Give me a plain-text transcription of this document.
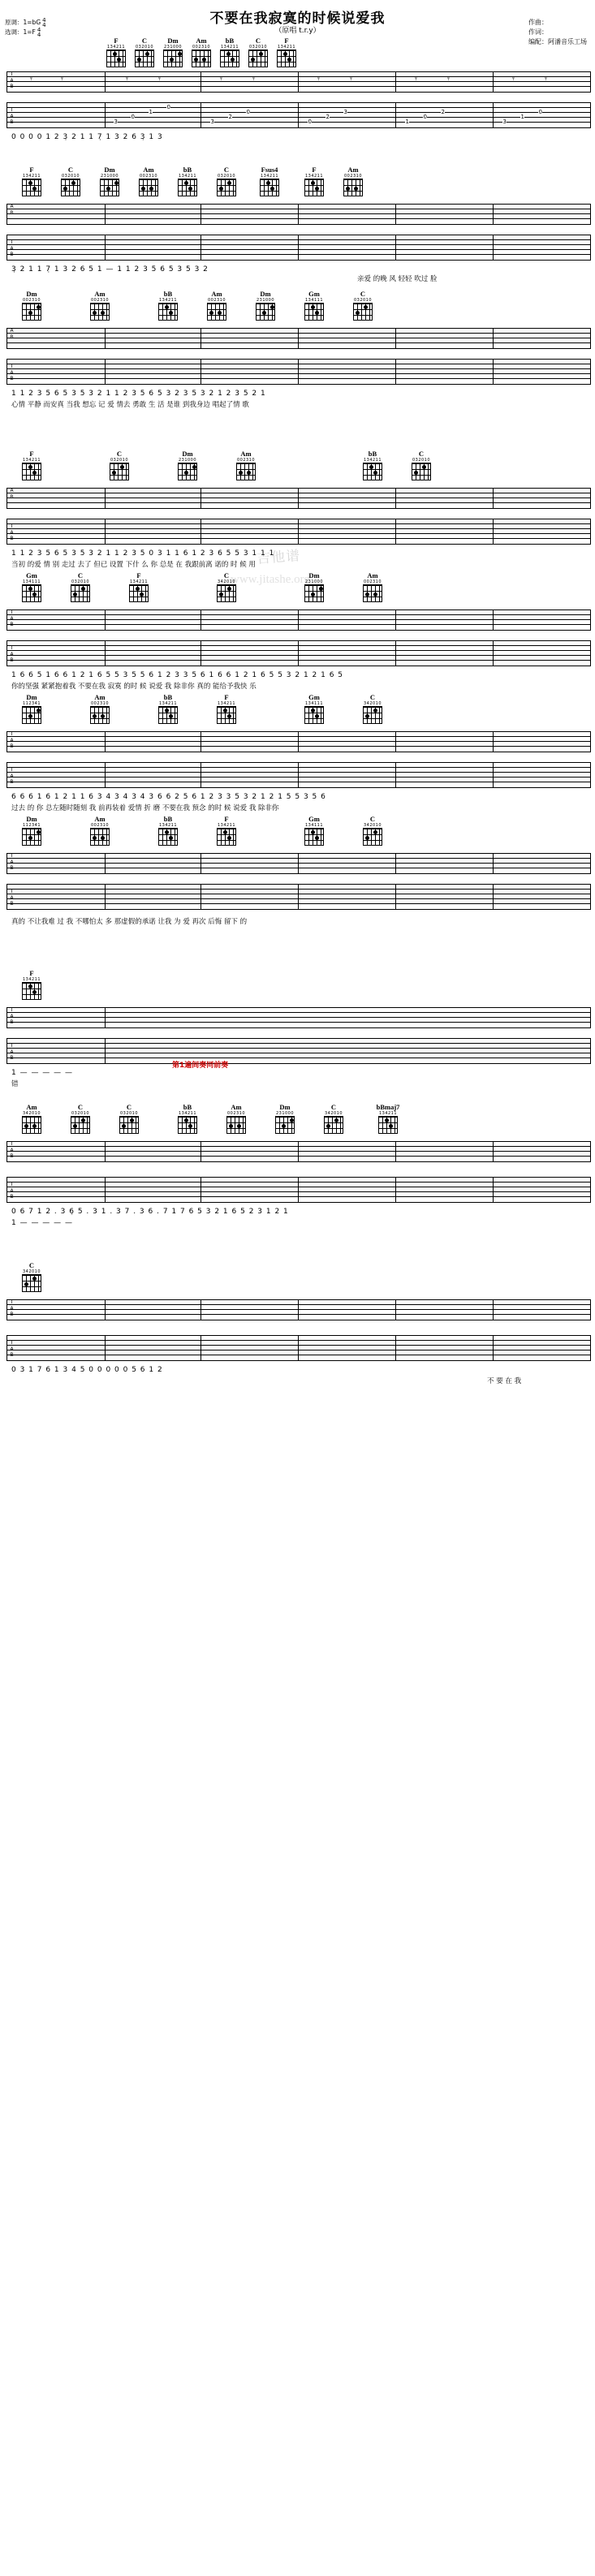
不要在我寂寞的时候说爱我
（原唱 t.r.y）
原调：1=bG 4
4
选调：1=F 4
4
作曲：
作词：
编配：阿潘音乐工场
吉他谱
www.jitashe.org
F
134211
C
032010
Dm
231000
Am
002310
bB
134211
C
032010
F
134211
T
A
B
𝄾	𝄾	𝄾	𝄾	𝄾	𝄾	𝄾	𝄾	𝄾	𝄾	𝄾	𝄾
T
A
B	3
0
1
0
3
2
0
0
2
3
1
0
2
3
1
0
0 0 0 0 1 2 3̣ 2 1 1 7̣ 1 3 2 6 3̣ 1 3
F
134211
C
032010
Dm
231000
Am
002310
bB
134211
C
032010
Fsus4
134211
F
134211
Am
002310
A
B
T
A
B
3̣ 2 1 1 7̣ 1 3 2 6 5 1 — 1 1 2 3 5 6 5 3 5 3 2
亲爱 的晚 风 轻轻 吹过 脸
Dm
002310
Am
002310
bB
134211
Am
002310
Dm
231000
Gm
134111
C
032010
A
B
T
A
B
1 1 2 3 5 6 5 3 5 3 2 1 1 2 3 5 6 5 3 2 3 5 3 2 1 2 3 5 2 1
心情 平静 而安真 当我 想忘 记 爱 情去 勇敢 生 活 是谁 到我身边 唱起了情 歌
F
134211
C
032010
Dm
231000
Am
002310
bB
134211
C
032010
A
B
T
A
B
1 1 2 3 5 6 5 3 5 3 2 1 1 2 3 5 0 3 1 1 6 1 2 3 6 5 5 3 1 1 1
当初 的爱 情 别 走过 去了 但已 设置 下什 么 你 总是 在 我跟前离 诺的 时 候 用
Gm
134111
C
032010
F
134211
C
342010
Dm
231000
Am
002310
T
A
B
T
A
B
1 6 6 5 1 6 6 1 2 1 6 5 5 3 5 5 6 1 2 3 3 5 6 1 6 6 1 2 1 6 5 5 3 2 1 2 1 6 5
你的坚强 紧紧抱着我 不要在我 寂寞 的时 候 说爱 我 除非你 真的 能给予我快 乐
Dm
112341
Am
002310
bB
134211
F
134211
Gm
134111
C
342010
T
A
B
T
A
B
6 6 6 1 6 1 2 1 1 6 3 4 3 4 3 4 3 6 6 2 5 6 1 2 3 3 5 3 2 1 2 1 5 5 3 5 6
过去 的 你 总左随时随刻 我 前再装着 爱情 折 磨 不要在我 预念 的时 候 说爱 我 除非你
Dm
112341
Am
002310
bB
134211
F
134211
Gm
134111
C
342010
T
A
B
T
A
B
真的 不让我难 过 我 不哪怕太 多 那虚假的承诺 让我 为 爱 再次 后悔 留下 的
F
134211
T
A
B
T
A
B
1 — — — — —
错
第1遍间奏同前奏
Am
342010
C
032010
C
032010
bB
134211
Am
002310
Dm
231000
C
342010
bBmaj7
134211
T
A
B
T
A
B
0 6 7 1 2 . 3 6̣ 5 . 3 1 . 3 7 . 3 6 . 7 1 7 6 5 3 2 1 6 5 2 3 1 2 1
1 — — — — —
C
342010
T
A
B
T
A
B
0 3 1 7 6 1 3 4 5 0 0 0 0 0 5 6 1 2
不 要 在 我
